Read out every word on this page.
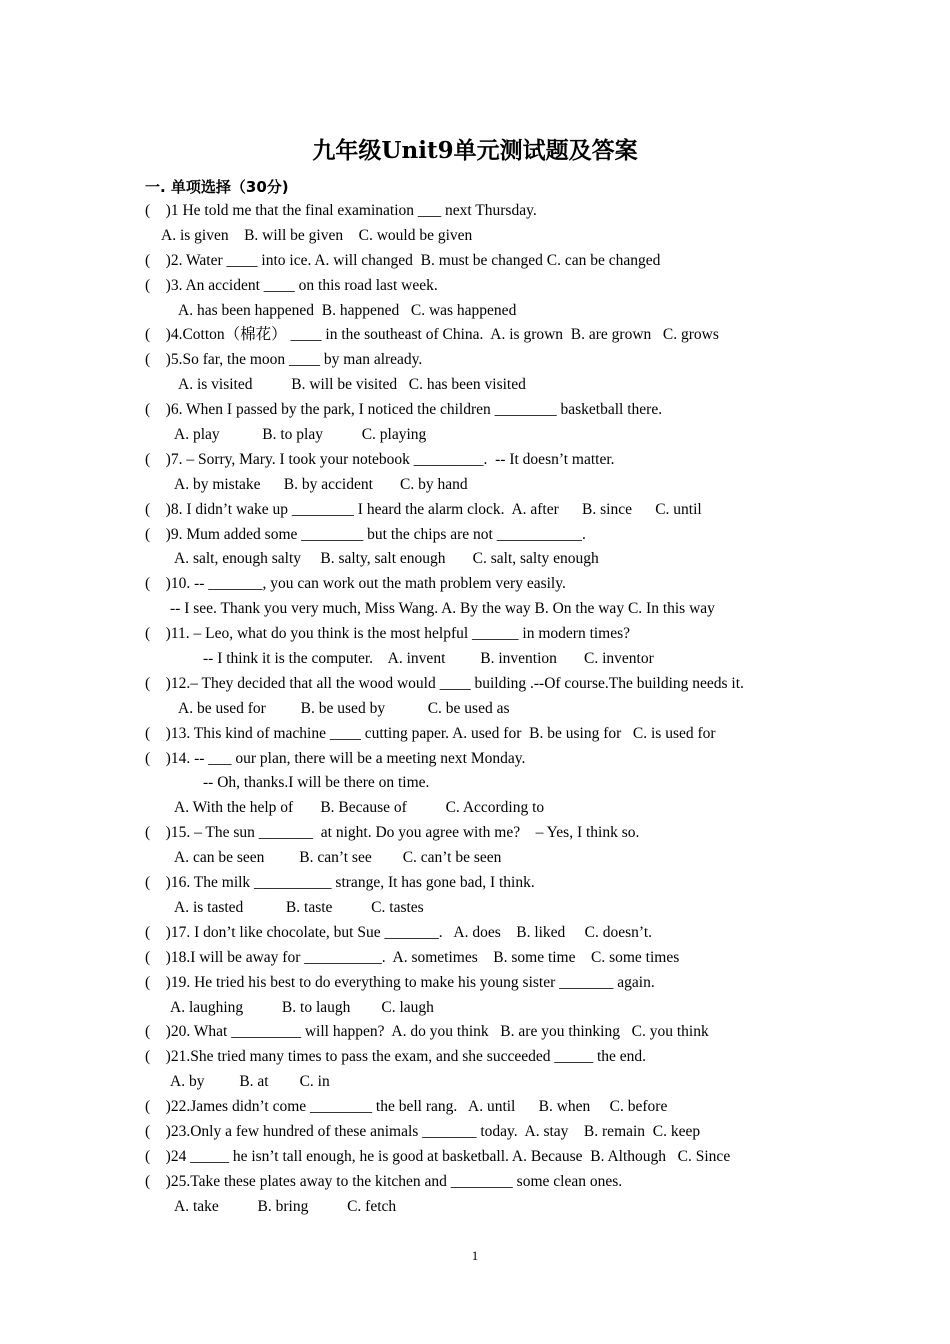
九年级Unit9单元测试题及答案
一. 单项选择（30分)
(    )1 He told me that the final examination ___ next Thursday.
A. is given    B. will be given    C. would be given
(    )2. Water ____ into ice. A. will changed  B. must be changed C. can be changed
(    )3. An accident ____ on this road last week.
A. has been happened  B. happened   C. was happened
(    )4.Cotton（棉花） ____ in the southeast of China.  A. is grown  B. are grown   C. grows
(    )5.So far, the moon ____ by man already.
A. is visited          B. will be visited   C. has been visited
(    )6. When I passed by the park, I noticed the children ________ basketball there.
A. play           B. to play          C. playing
(    )7. – Sorry, Mary. I took your notebook _________.  -- It doesn’t matter.
A. by mistake      B. by accident       C. by hand
(    )8. I didn’t wake up ________ I heard the alarm clock.  A. after      B. since      C. until
(    )9. Mum added some ________ but the chips are not ___________.
A. salt, enough salty     B. salty, salt enough       C. salt, salty enough
(    )10. -- _______, you can work out the math problem very easily.
-- I see. Thank you very much, Miss Wang. A. By the way B. On the way C. In this way
(    )11. – Leo, what do you think is the most helpful ______ in modern times?
-- I think it is the computer.    A. invent         B. invention       C. inventor
(    )12.– They decided that all the wood would ____ building .--Of course.The building needs it.
A. be used for         B. be used by           C. be used as
(    )13. This kind of machine ____ cutting paper. A. used for  B. be using for   C. is used for
(    )14. -- ___ our plan, there will be a meeting next Monday.
-- Oh, thanks.I will be there on time.
A. With the help of       B. Because of          C. According to
(    )15. – The sun _______  at night. Do you agree with me?    – Yes, I think so.
A. can be seen         B. can’t see        C. can’t be seen
(    )16. The milk __________ strange, It has gone bad, I think.
A. is tasted           B. taste          C. tastes
(    )17. I don’t like chocolate, but Sue _______.   A. does    B. liked     C. doesn’t.
(    )18.I will be away for __________.  A. sometimes    B. some time    C. some times
(    )19. He tried his best to do everything to make his young sister _______ again.
A. laughing          B. to laugh        C. laugh
(    )20. What _________ will happen?  A. do you think   B. are you thinking   C. you think
(    )21.She tried many times to pass the exam, and she succeeded _____ the end.
A. by         B. at        C. in
(    )22.James didn’t come ________ the bell rang.   A. until      B. when     C. before
(    )23.Only a few hundred of these animals _______ today.  A. stay    B. remain  C. keep
(    )24 _____ he isn’t tall enough, he is good at basketball. A. Because  B. Although   C. Since
(    )25.Take these plates away to the kitchen and ________ some clean ones.
A. take          B. bring          C. fetch
1
